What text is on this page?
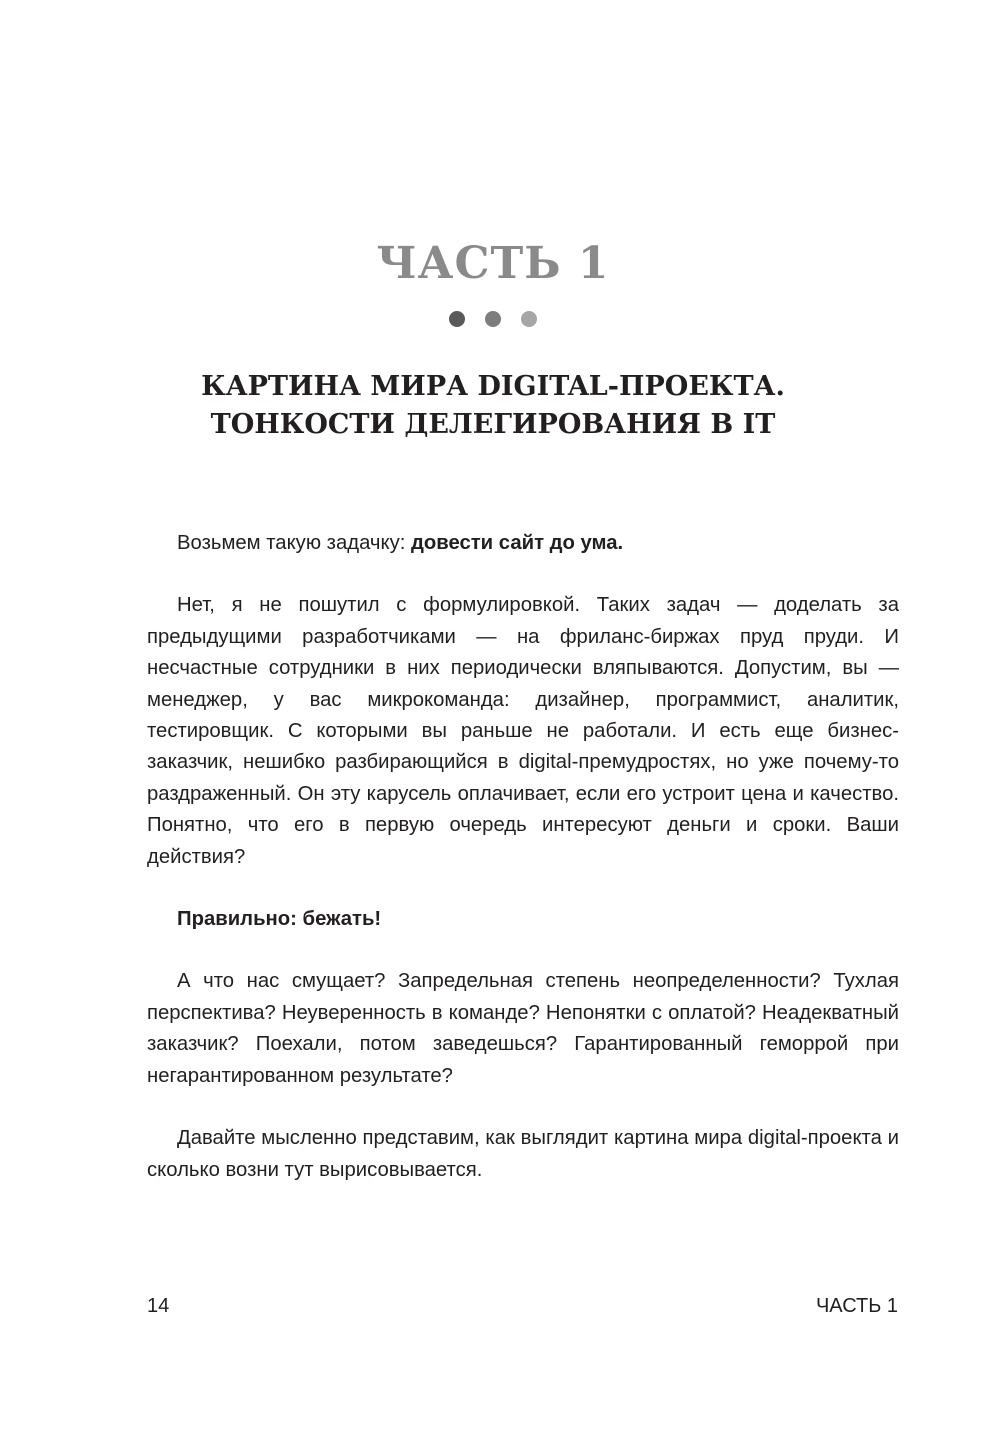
ЧАСТЬ 1
КАРТИНА МИРА DIGITAL-ПРОЕКТА.
ТОНКОСТИ ДЕЛЕГИРОВАНИЯ В IT

Возьмем такую задачку: довести сайт до ума.

Нет, я не пошутил с формулировкой. Таких задач — доделать за предыдущими разработчиками — на фриланс-биржах пруд пруди. И несчастные сотрудники в них периодически вляпываются. Допустим, вы — менеджер, у вас микрокоманда: дизайнер, программист, аналитик, тестировщик. С которыми вы раньше не работали. И есть еще бизнес-заказчик, нешибко разбирающийся в digital-премудростях, но уже почему-то раздраженный. Он эту карусель оплачивает, если его устроит цена и качество. Понятно, что его в первую очередь интересуют деньги и сроки. Ваши действия?

Правильно: бежать!

А что нас смущает? Запредельная степень неопределенности? Тухлая перспектива? Неуверенность в команде? Непонятки с оплатой? Неадекватный заказчик? Поехали, потом заведешься? Гарантированный геморрой при негарантированном результате?

Давайте мысленно представим, как выглядит картина мира digital-проекта и сколько возни тут вырисовывается.

14	ЧАСТЬ 1
